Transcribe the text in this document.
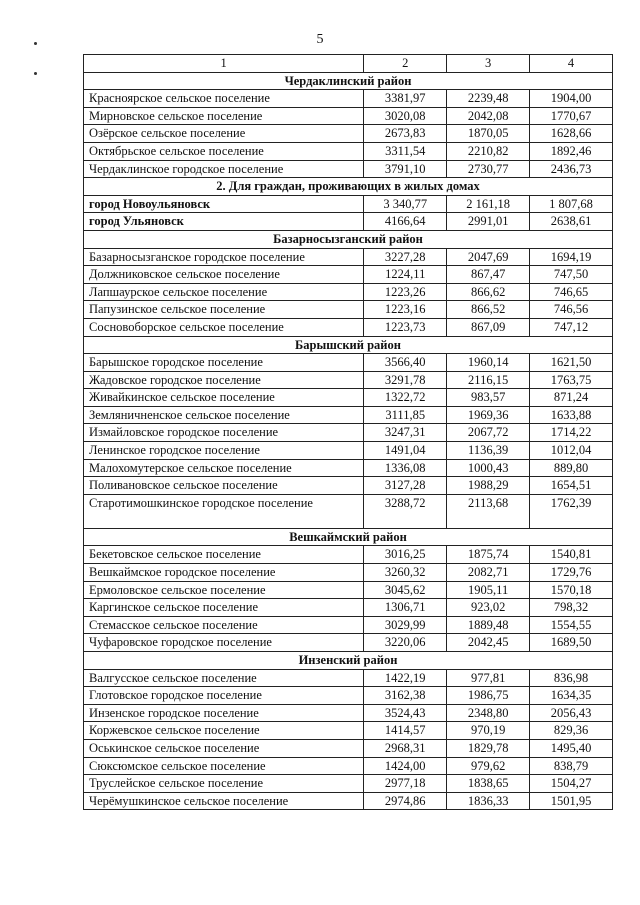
5
1	2	3	4
Чердаклинский район			
Красноярское сельское поселение	3381,97	2239,48	1904,00
Мирновское сельское поселение	3020,08	2042,08	1770,67
Озёрское сельское поселение	2673,83	1870,05	1628,66
Октябрьское сельское поселение	3311,54	2210,82	1892,46
Чердаклинское городское поселение	3791,10	2730,77	2436,73
2. Для граждан, проживающих в жилых домах			
город Новоульяновск	3 340,77	2 161,18	1 807,68
город Ульяновск	4166,64	2991,01	2638,61
Базарносызганский район			
Базарносызганское городское поселение	3227,28	2047,69	1694,19
Должниковское сельское поселение	1224,11	867,47	747,50
Лапшаурское сельское поселение	1223,26	866,62	746,65
Папузинское сельское поселение	1223,16	866,52	746,56
Сосновоборское сельское поселение	1223,73	867,09	747,12
Барышский район			
Барышское городское поселение	3566,40	1960,14	1621,50
Жадовское городское поселение	3291,78	2116,15	1763,75
Живайкинское сельское поселение	1322,72	983,57	871,24
Земляничненское сельское поселение	3111,85	1969,36	1633,88
Измайловское городское поселение	3247,31	2067,72	1714,22
Ленинское городское поселение	1491,04	1136,39	1012,04
Малохомутерское сельское поселение	1336,08	1000,43	889,80
Поливановское сельское поселение	3127,28	1988,29	1654,51
Старотимошкинское городское поселение	3288,72	2113,68	1762,39
Вешкаймский район			
Бекетовское сельское поселение	3016,25	1875,74	1540,81
Вешкаймское городское поселение	3260,32	2082,71	1729,76
Ермоловское сельское поселение	3045,62	1905,11	1570,18
Каргинское сельское поселение	1306,71	923,02	798,32
Стемасское сельское поселение	3029,99	1889,48	1554,55
Чуфаровское городское поселение	3220,06	2042,45	1689,50
Инзенский район			
Валгусское сельское поселение	1422,19	977,81	836,98
Глотовское городское поселение	3162,38	1986,75	1634,35
Инзенское городское поселение	3524,43	2348,80	2056,43
Коржевское сельское поселение	1414,57	970,19	829,36
Оськинское сельское поселение	2968,31	1829,78	1495,40
Сюксюмское сельское поселение	1424,00	979,62	838,79
Труслейское сельское поселение	2977,18	1838,65	1504,27
Черёмушкинское сельское поселение	2974,86	1836,33	1501,95
